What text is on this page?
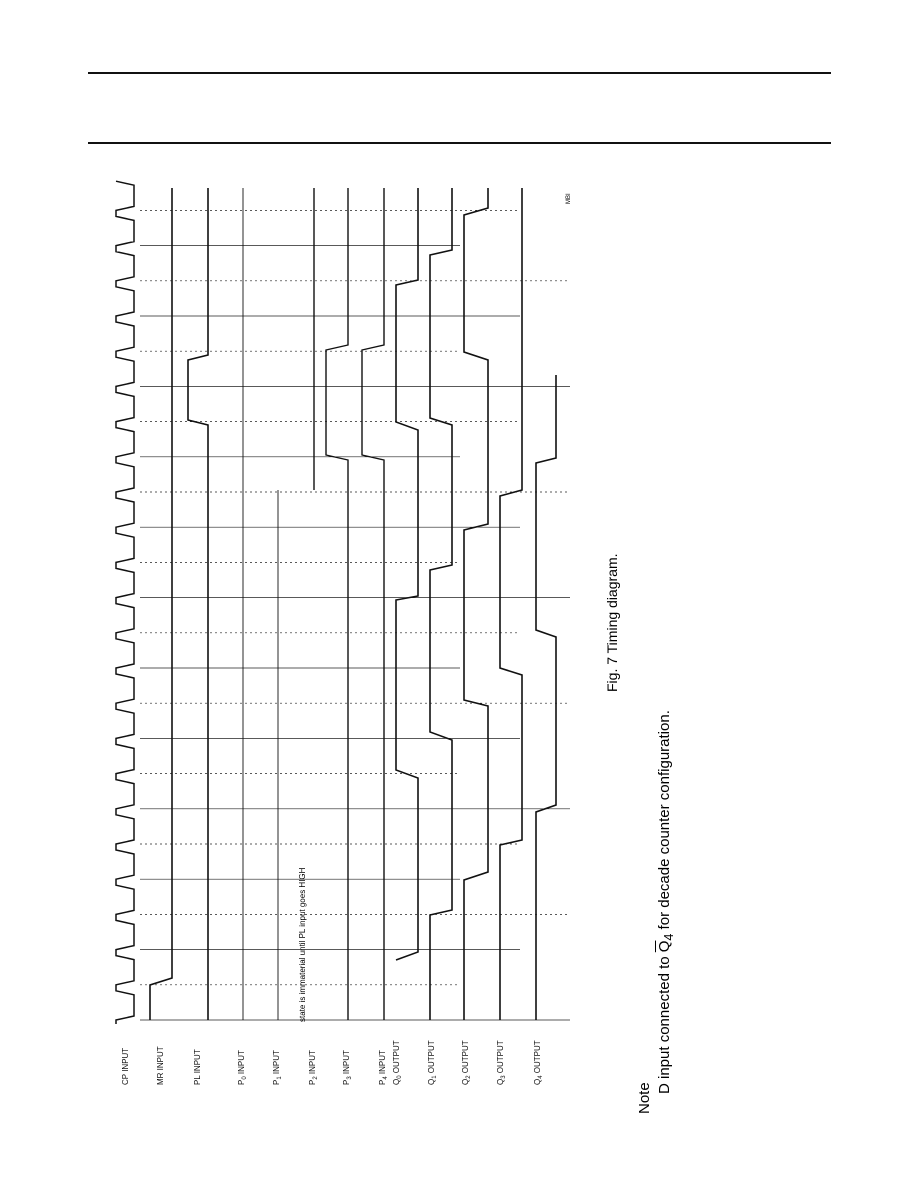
CP INPUT	MR INPUT	PL INPUT	$P_0$ INPUT
$P_1$ INPUT
$P_2$ INPUT
$P_3$ INPUT
$P_4$ INPUT
$Q_0$ OUTPUT
$Q_1$ OUTPUT
$Q_2$ OUTPUT
$Q_3$ OUTPUT
$Q_4$ OUTPUT
state is immaterial until PL input goes HIGH
Fig. 7 Timing diagram.
MBI
Note
D input connected to $\overline{Q}_4$ for decade counter configuration.
